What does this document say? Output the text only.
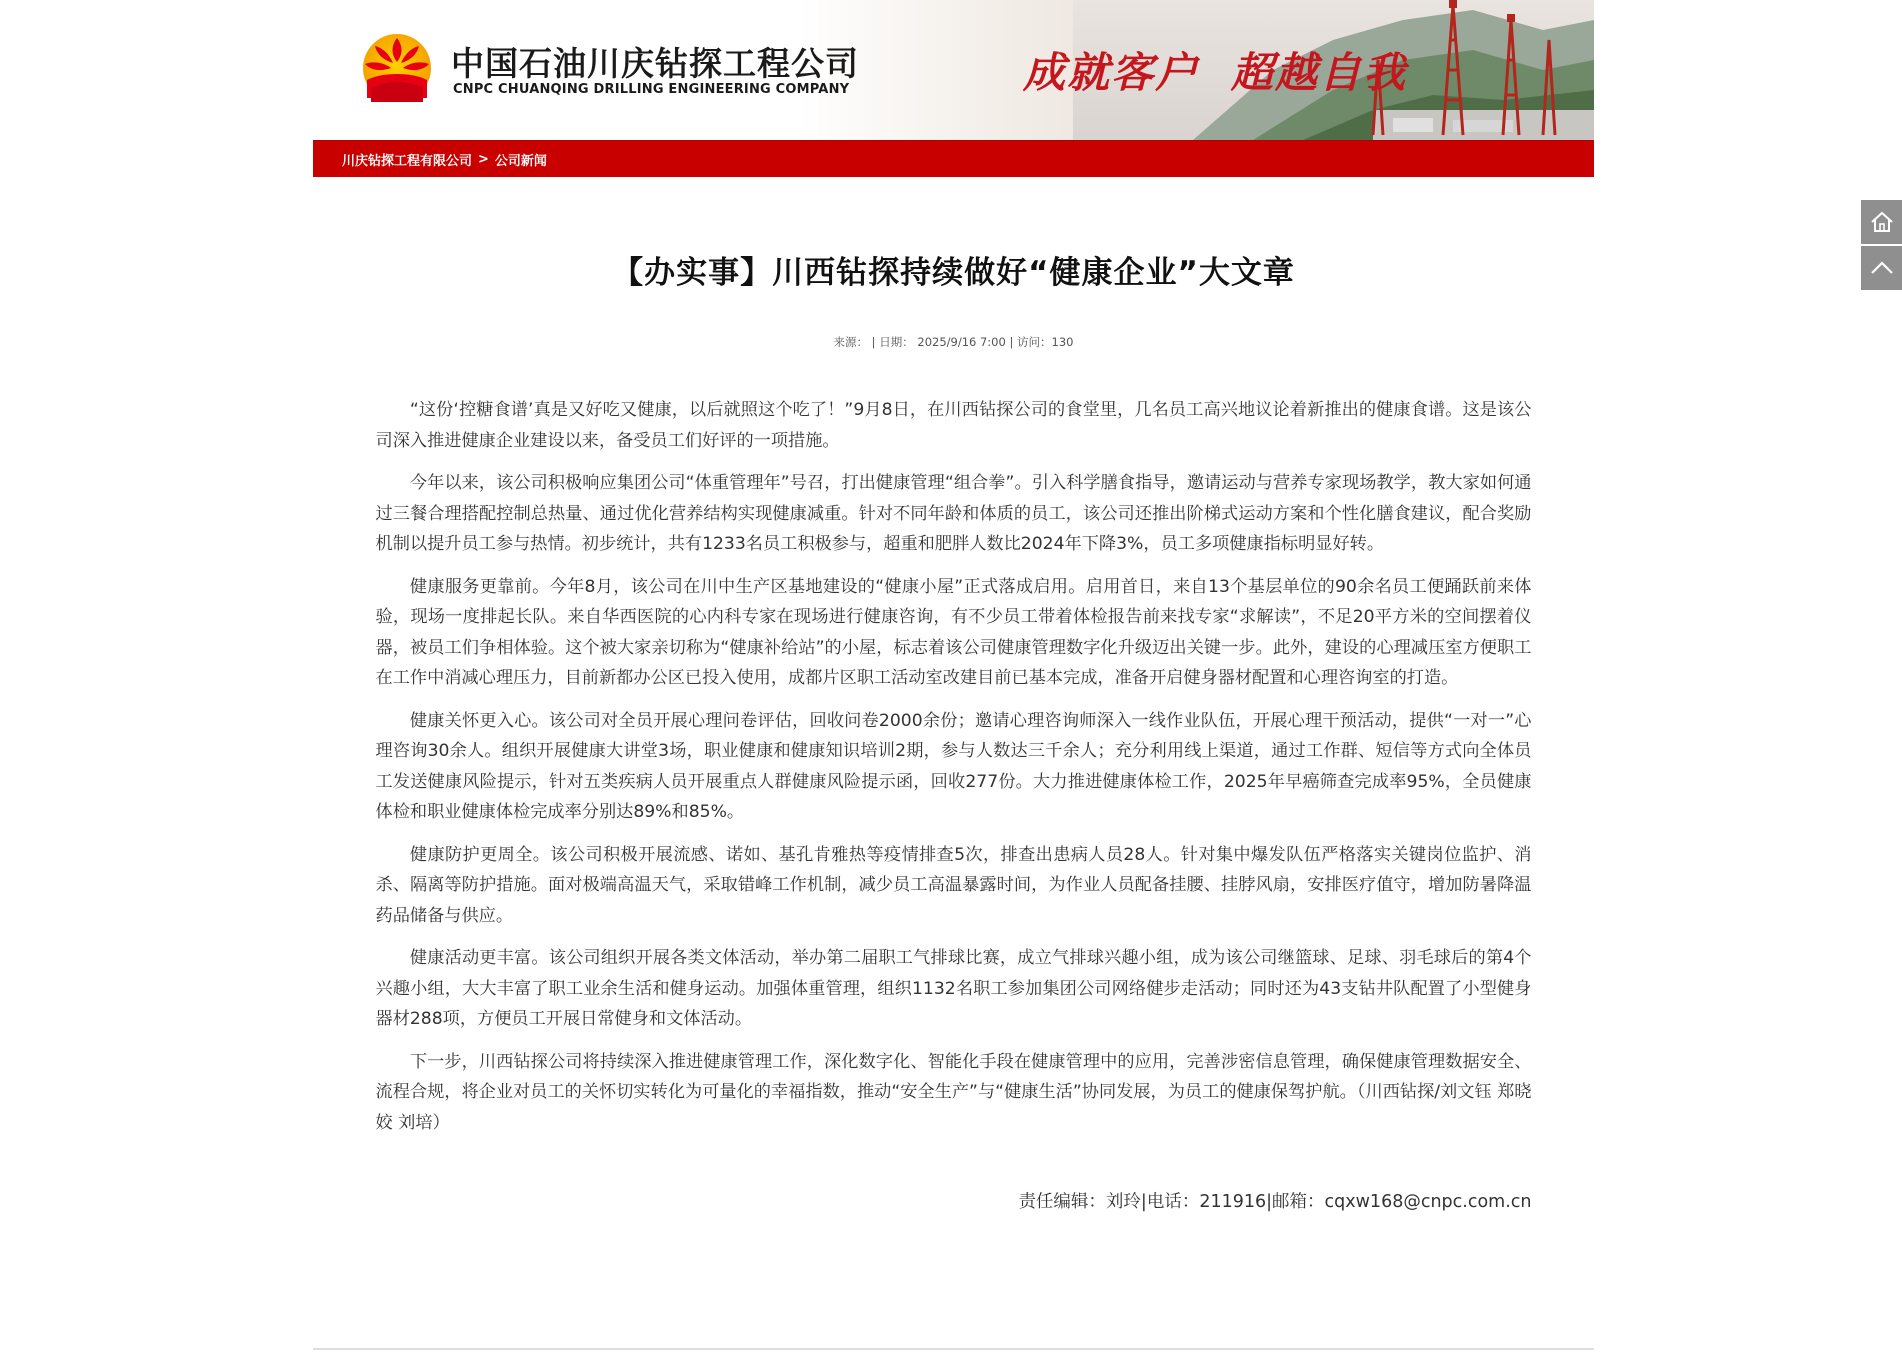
中国石油川庆钻探工程公司
CNPC CHUANQING DRILLING ENGINEERING COMPANY	成就客户 超越自我
川庆钻探工程有限公司 > 公司新闻
【办实事】川西钻探持续做好“健康企业”大文章
来源： | 日期： 2025/9/16 7:00 | 访问：130

“这份‘控糖食谱’真是又好吃又健康，以后就照这个吃了！”9月8日，在川西钻探公司的食堂里，几名员工高兴地议论着新推出的健康食谱。这是该公司深入推进健康企业建设以来，备受员工们好评的一项措施。

今年以来，该公司积极响应集团公司“体重管理年”号召，打出健康管理“组合拳”。引入科学膳食指导，邀请运动与营养专家现场教学，教大家如何通过三餐合理搭配控制总热量、通过优化营养结构实现健康减重。针对不同年龄和体质的员工，该公司还推出阶梯式运动方案和个性化膳食建议，配合奖励机制以提升员工参与热情。初步统计，共有1233名员工积极参与，超重和肥胖人数比2024年下降3%，员工多项健康指标明显好转。

健康服务更靠前。今年8月，该公司在川中生产区基地建设的“健康小屋”正式落成启用。启用首日，来自13个基层单位的90余名员工便踊跃前来体验，现场一度排起长队。来自华西医院的心内科专家在现场进行健康咨询，有不少员工带着体检报告前来找专家“求解读”，不足20平方米的空间摆着仪器，被员工们争相体验。这个被大家亲切称为“健康补给站”的小屋，标志着该公司健康管理数字化升级迈出关键一步。此外，建设的心理减压室方便职工在工作中消减心理压力，目前新都办公区已投入使用，成都片区职工活动室改建目前已基本完成，准备开启健身器材配置和心理咨询室的打造。

健康关怀更入心。该公司对全员开展心理问卷评估，回收问卷2000余份；邀请心理咨询师深入一线作业队伍，开展心理干预活动，提供“一对一”心理咨询30余人。组织开展健康大讲堂3场，职业健康和健康知识培训2期，参与人数达三千余人；充分利用线上渠道，通过工作群、短信等方式向全体员工发送健康风险提示，针对五类疾病人员开展重点人群健康风险提示函，回收277份。大力推进健康体检工作，2025年早癌筛查完成率95%，全员健康体检和职业健康体检完成率分别达89%和85%。

健康防护更周全。该公司积极开展流感、诺如、基孔肯雅热等疫情排查5次，排查出患病人员28人。针对集中爆发队伍严格落实关键岗位监护、消杀、隔离等防护措施。面对极端高温天气，采取错峰工作机制，减少员工高温暴露时间，为作业人员配备挂腰、挂脖风扇，安排医疗值守，增加防暑降温药品储备与供应。

健康活动更丰富。该公司组织开展各类文体活动，举办第二届职工气排球比赛，成立气排球兴趣小组，成为该公司继篮球、足球、羽毛球后的第4个兴趣小组，大大丰富了职工业余生活和健身运动。加强体重管理，组织1132名职工参加集团公司网络健步走活动；同时还为43支钻井队配置了小型健身器材288项，方便员工开展日常健身和文体活动。

下一步，川西钻探公司将持续深入推进健康管理工作，深化数字化、智能化手段在健康管理中的应用，完善涉密信息管理，确保健康管理数据安全、流程合规，将企业对员工的关怀切实转化为可量化的幸福指数，推动“安全生产”与“健康生活”协同发展，为员工的健康保驾护航。（川西钻探/刘文钰 郑晓姣 刘培）

责任编辑：刘玲|电话：211916|邮箱：cqxw168@cnpc.com.cn
